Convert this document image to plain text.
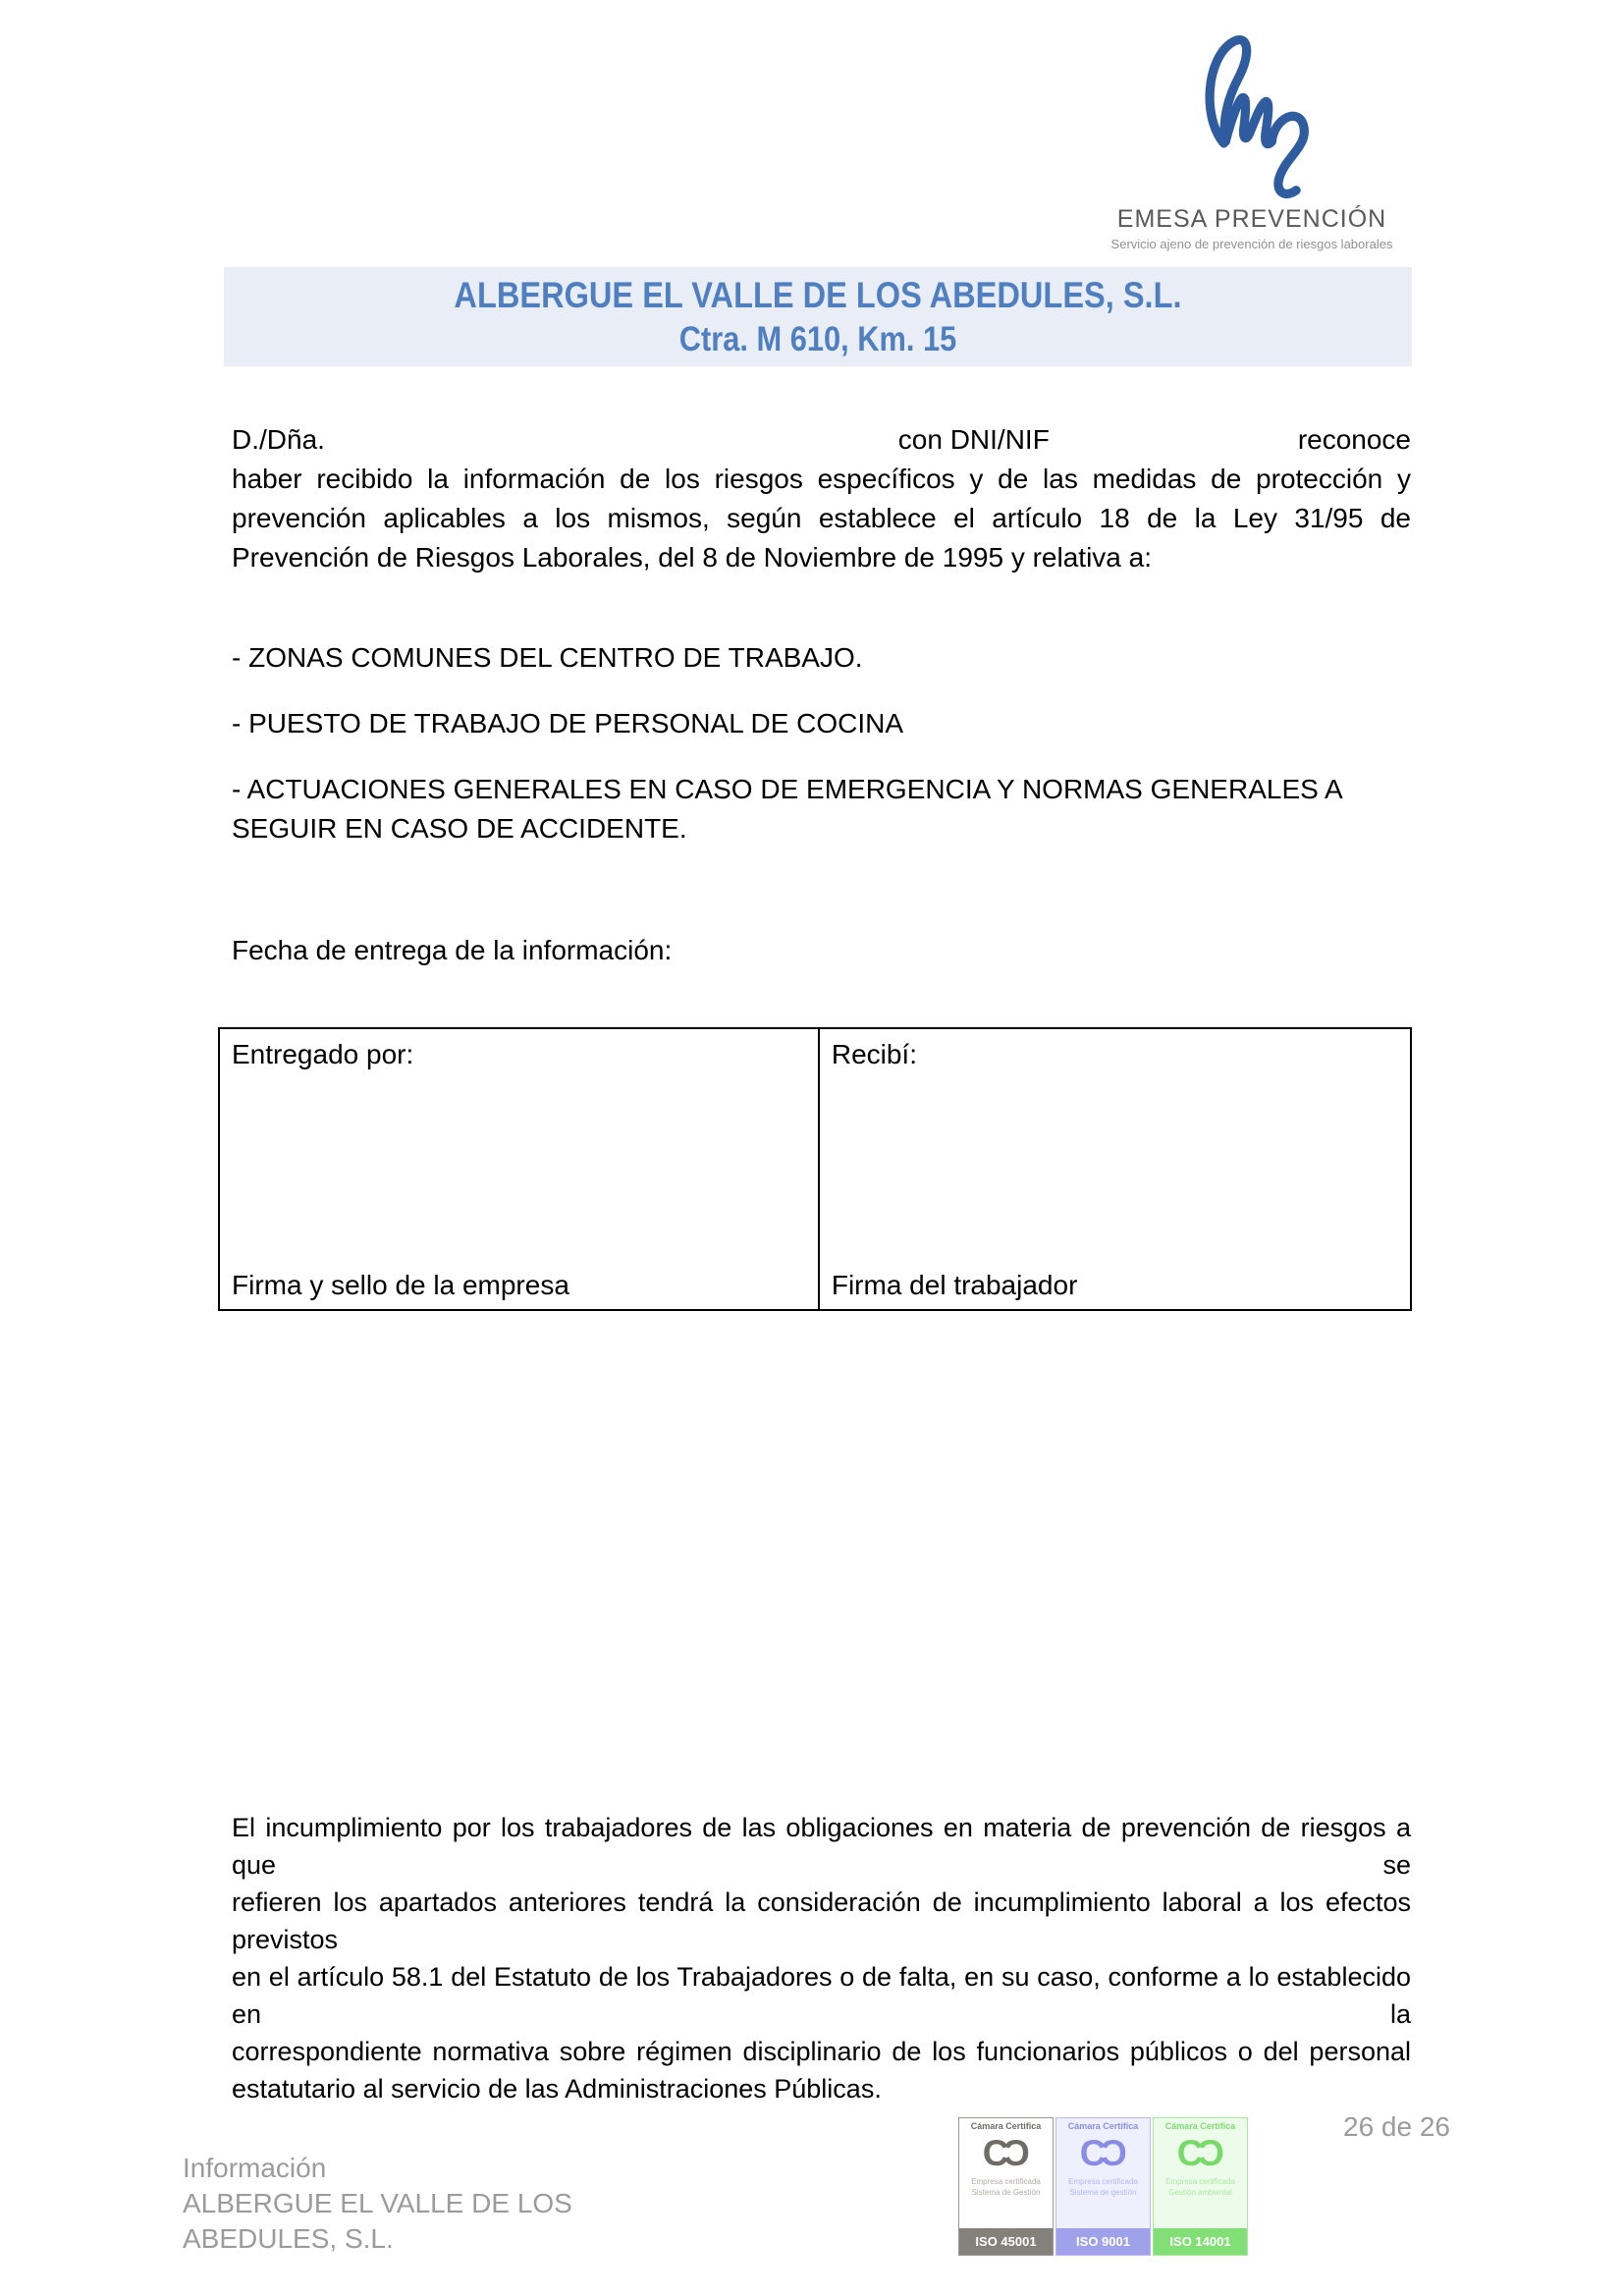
EMESA PREVENCIÓN
Servicio ajeno de prevención de riesgos laborales
ALBERGUE EL VALLE DE LOS ABEDULES, S.L.
Ctra. M 610, Km. 15
D./Dña.	con DNI/NIF	reconoce
haber recibido la información de los riesgos específicos y de las medidas de protección y
prevención aplicables a los mismos, según establece el artículo 18 de la Ley 31/95 de
Prevención de Riesgos Laborales, del 8 de Noviembre de 1995 y relativa a:
- ZONAS COMUNES DEL CENTRO DE TRABAJO.
- PUESTO DE TRABAJO DE PERSONAL DE COCINA
- ACTUACIONES GENERALES EN CASO DE EMERGENCIA Y NORMAS GENERALES A SEGUIR EN CASO DE ACCIDENTE.
Fecha de entrega de la información:
Entregado por:
Firma y sello de la empresa
Recibí:
Firma del trabajador
El incumplimiento por los trabajadores de las obligaciones en materia de prevención de riesgos a que se
refieren los apartados anteriores tendrá la consideración de incumplimiento laboral a los efectos previstos
en el artículo 58.1 del Estatuto de los Trabajadores o de falta, en su caso, conforme a lo establecido en la
correspondiente normativa sobre régimen disciplinario de los funcionarios públicos o del personal
estatutario al servicio de las Administraciones Públicas.
Información
ALBERGUE EL VALLE DE LOS
ABEDULES, S.L.
Cámara Certifica
C C
Empresa certificada
Sistema de Gestión
ISO 45001
Cámara Certifica
C C
Empresa certificada
Sistema de gestión
ISO 9001
Cámara Certifica
C C
Empresa certificada
Gestión ambiental
ISO 14001
26 de 26
